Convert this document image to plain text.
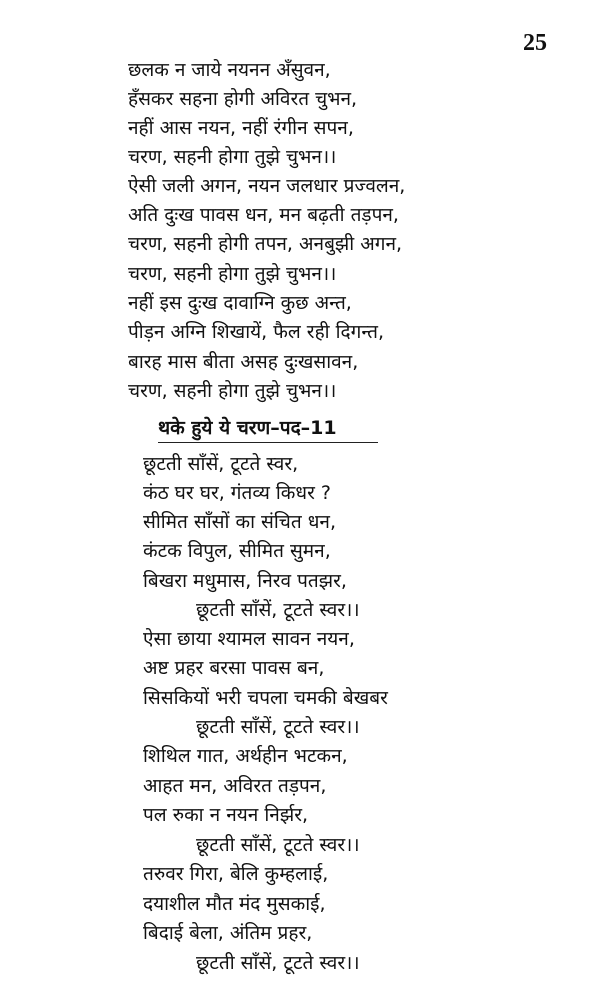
25
छलक न जाये नयनन अँसुवन,
हँसकर सहना होगी अविरत चुभन,
नहीं आस नयन, नहीं रंगीन सपन,
चरण, सहनी होगा तुझे चुभन।।
ऐसी जली अगन, नयन जलधार प्रज्वलन,
अति दुःख पावस धन, मन बढ़ती तड़पन,
चरण, सहनी होगी तपन, अनबुझी अगन,
चरण, सहनी होगा तुझे चुभन।।
नहीं इस दुःख दावाग्नि कुछ अन्त,
पीड़न अग्नि शिखायें, फैल रही दिगन्त,
बारह मास बीता असह दुःखसावन,
चरण, सहनी होगा तुझे चुभन।।
थके हुये ये चरण–पद–11
छूटती साँसें, टूटते स्वर,
कंठ घर घर, गंतव्य किधर ?
सीमित साँसों का संचित धन,
कंटक विपुल, सीमित सुमन,
बिखरा मधुमास, निरव पतझर,
छूटती साँसें, टूटते स्वर।।
ऐसा छाया श्यामल सावन नयन,
अष्ट प्रहर बरसा पावस बन,
सिसकियों भरी चपला चमकी बेखबर
छूटती साँसें, टूटते स्वर।।
शिथिल गात, अर्थहीन भटकन,
आहत मन, अविरत तड़पन,
पल रुका न नयन निर्झर,
छूटती साँसें, टूटते स्वर।।
तरुवर गिरा, बेलि कुम्हलाई,
दयाशील मौत मंद मुसकाई,
बिदाई बेला, अंतिम प्रहर,
छूटती साँसें, टूटते स्वर।।
